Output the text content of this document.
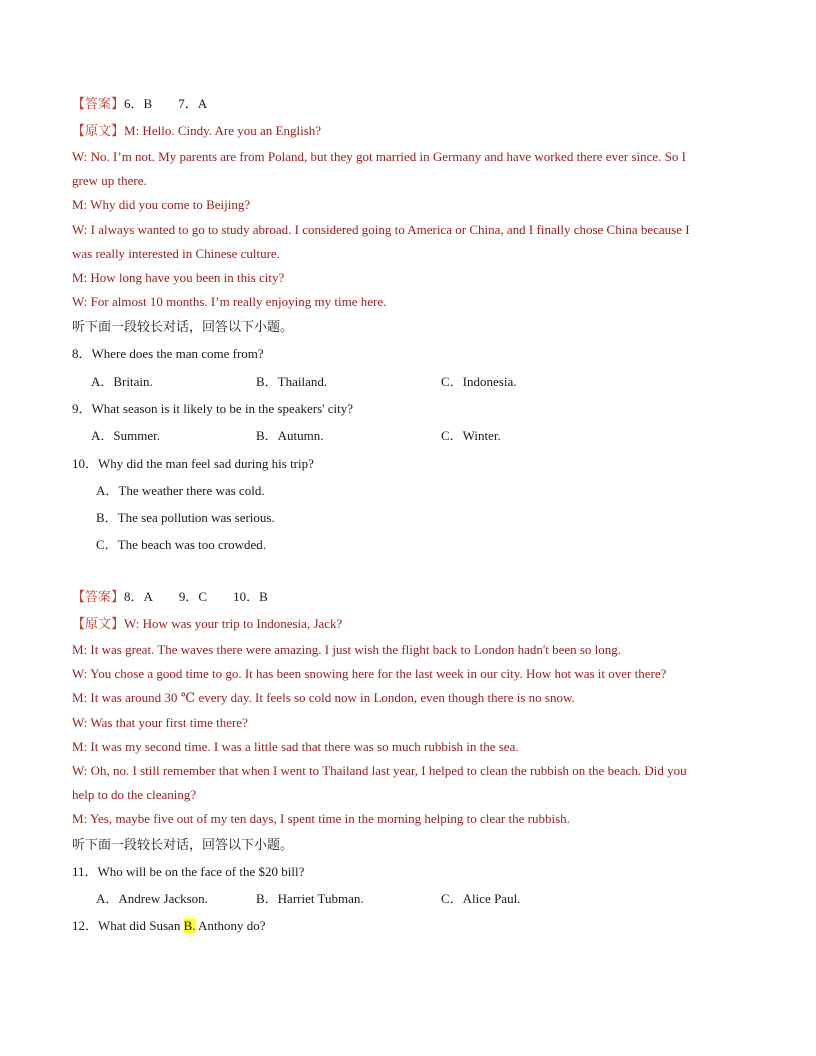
【答案】6．B 7．A
【原文】M: Hello. Cindy. Are you an English?
W: No. I’m not. My parents are from Poland, but they got married in Germany and have worked there ever since. So I
grew up there.
M: Why did you come to Beijing?
W: I always wanted to go to study abroad. I considered going to America or China, and I finally chose China because I
was really interested in Chinese culture.
M: How long have you been in this city?
W: For almost 10 months. I’m really enjoying my time here.
听下面一段较长对话，回答以下小题。
8．Where does the man come from?
A．Britain.	B．Thailand.	C．Indonesia.
9．What season is it likely to be in the speakers' city?
A．Summer.	B．Autumn.	C．Winter.
10．Why did the man feel sad during his trip?
A．The weather there was cold.
B．The sea pollution was serious.
C．The beach was too crowded.
【答案】8．A 9．C 10．B
【原文】W: How was your trip to Indonesia, Jack?
M: It was great. The waves there were amazing. I just wish the flight back to London hadn't been so long.
W: You chose a good time to go. It has been snowing here for the last week in our city. How hot was it over there?
M: It was around 30 ℃ every day. It feels so cold now in London, even though there is no snow.
W: Was that your first time there?
M: It was my second time. I was a little sad that there was so much rubbish in the sea.
W: Oh, no. I still remember that when I went to Thailand last year, I helped to clean the rubbish on the beach. Did you
help to do the cleaning?
M: Yes, maybe five out of my ten days, I spent time in the morning helping to clear the rubbish.
听下面一段较长对话，回答以下小题。
11．Who will be on the face of the $20 bill?
A．Andrew Jackson.	B．Harriet Tubman.	C．Alice Paul.
12．What did Susan B. Anthony do?
